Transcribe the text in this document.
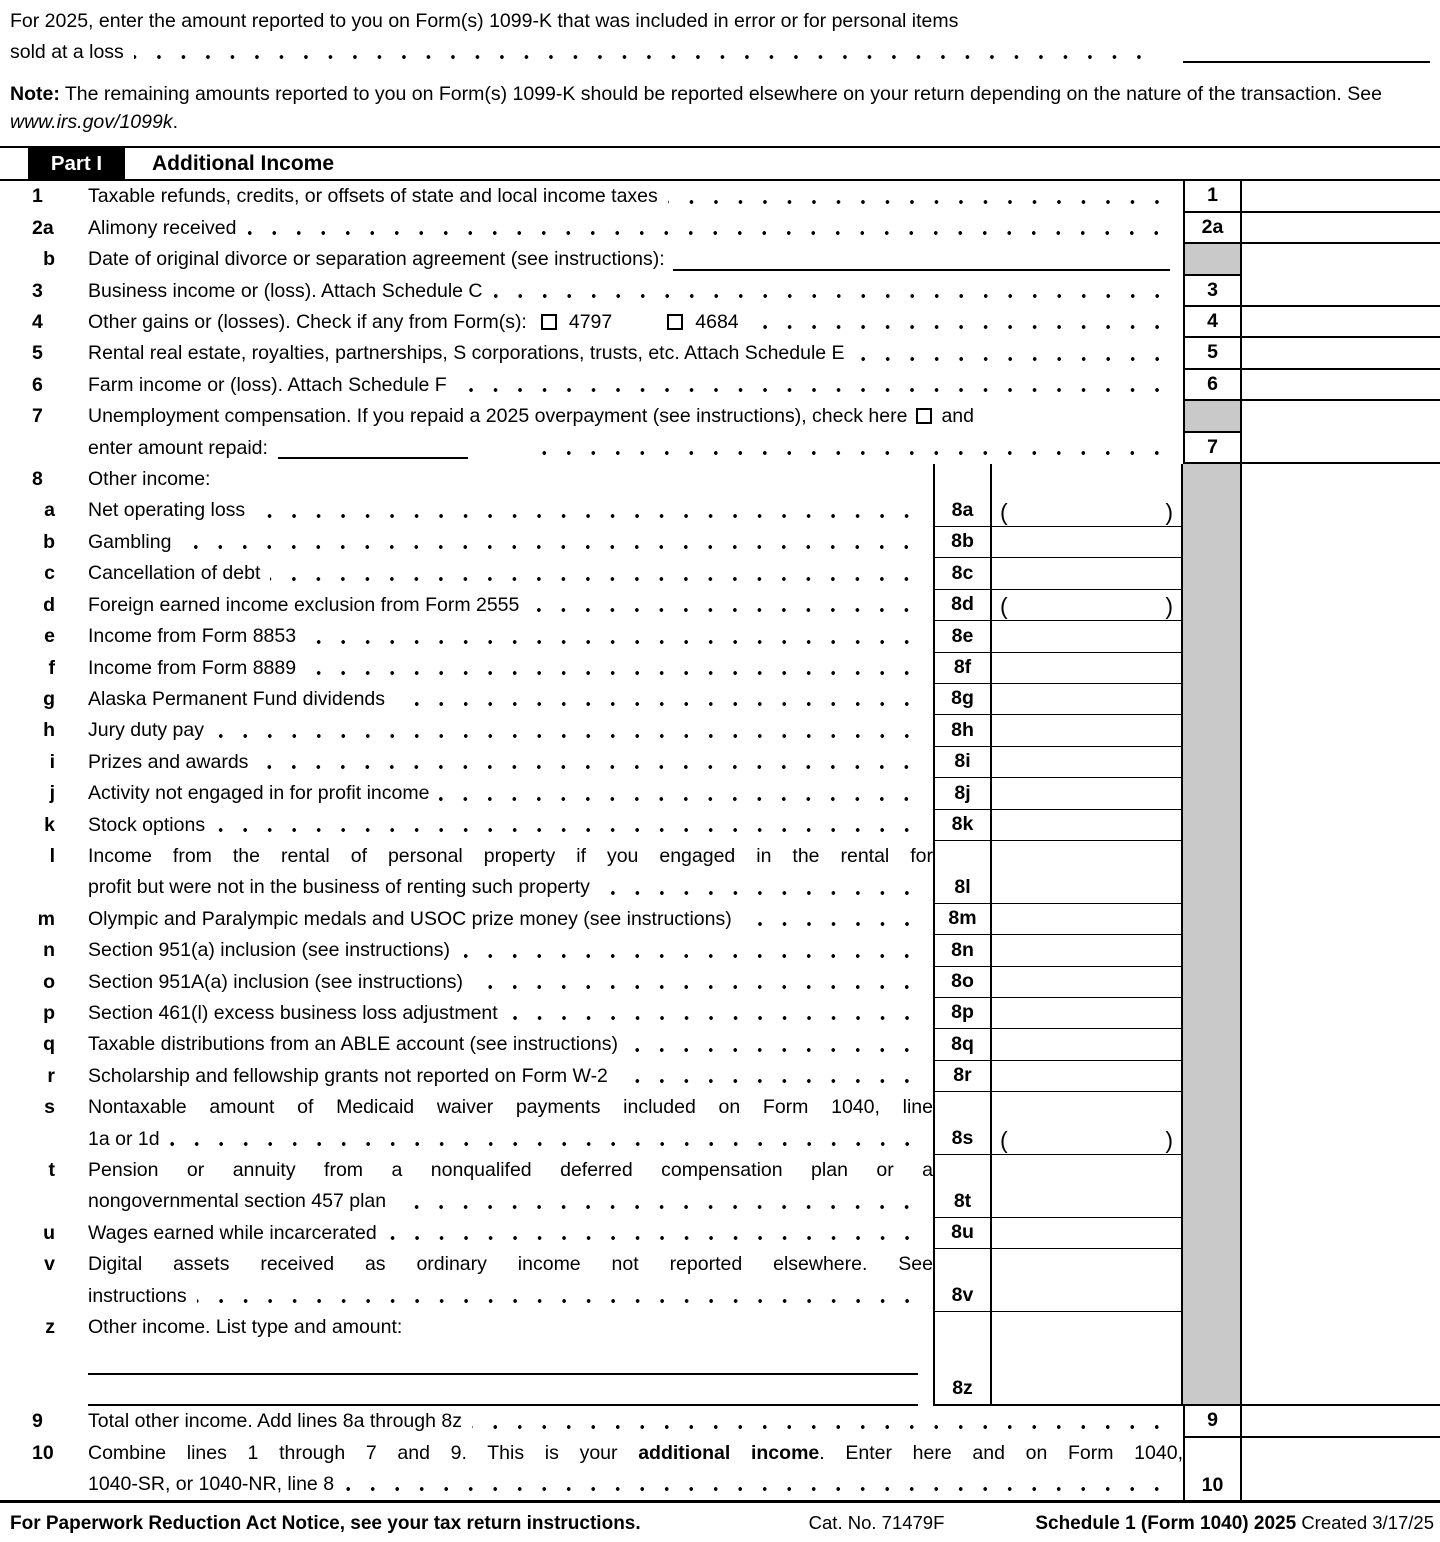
For 2025, enter the amount reported to you on Form(s) 1099-K that was included in error or for personal items
sold at a loss
Note: The remaining amounts reported to you on Form(s) 1099-K should be reported elsewhere on your return depending on the nature of the transaction. See www.irs.gov/1099k.
Part I	Additional Income
1	Taxable refunds, credits, or offsets of state and local income taxes	1
2a	Alimony received	2a
b	Date of original divorce or separation agreement (see instructions):
3	Business income or (loss). Attach Schedule C	3
4	Other gains or (losses). Check if any from Form(s): 4797	4684	4
5	Rental real estate, royalties, partnerships, S corporations, trusts, etc. Attach Schedule E	5
6	Farm income or (loss). Attach Schedule F	6
7	Unemployment compensation. If you repaid a 2025 overpayment (see instructions), check here and
enter amount repaid:	7
8	Other income:
a	Net operating loss	8a	(	)
b	Gambling	8b
c	Cancellation of debt	8c
d	Foreign earned income exclusion from Form 2555	8d	(	)
e	Income from Form 8853	8e
f	Income from Form 8889	8f
g	Alaska Permanent Fund dividends	8g
h	Jury duty pay	8h
i	Prizes and awards	8i
j	Activity not engaged in for profit income	8j
k	Stock options	8k
l	Income from the rental of personal property if you engaged in the rental for
profit but were not in the business of renting such property	8l
m	Olympic and Paralympic medals and USOC prize money (see instructions)	8m
n	Section 951(a) inclusion (see instructions)	8n
o	Section 951A(a) inclusion (see instructions)	8o
p	Section 461(l) excess business loss adjustment	8p
q	Taxable distributions from an ABLE account (see instructions)	8q
r	Scholarship and fellowship grants not reported on Form W-2	8r
s	Nontaxable amount of Medicaid waiver payments included on Form 1040, line
1a or 1d	8s	(	)
t	Pension or annuity from a nonqualifed deferred compensation plan or a
nongovernmental section 457 plan	8t
u	Wages earned while incarcerated	8u
v	Digital assets received as ordinary income not reported elsewhere. See
instructions	8v
z	Other income. List type and amount:
8z
9	Total other income. Add lines 8a through 8z	9
10	Combine lines 1 through 7 and 9. This is your additional income. Enter here and on Form 1040,
1040-SR, or 1040-NR, line 8	10
For Paperwork Reduction Act Notice, see your tax return instructions.	Cat. No. 71479F	Schedule 1 (Form 1040) 2025 Created 3/17/25
